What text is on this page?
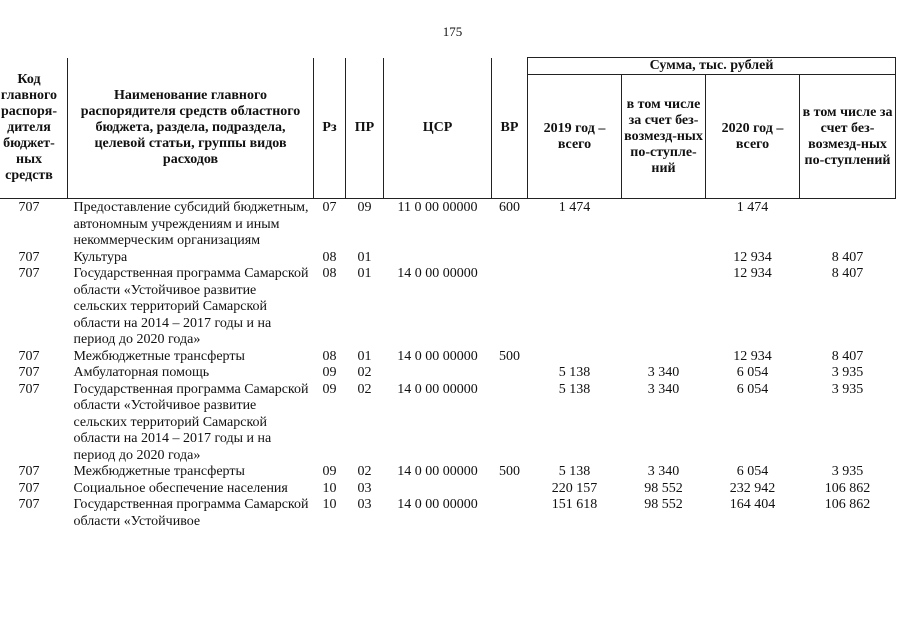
175
Код главного распоря-дителя бюджет-ных средств	Наименование главного распорядителя средств областного бюджета, раздела, подраздела, целевой статьи, группы видов расходов	Рз	ПР	ЦСР	ВР	Сумма, тыс. рублей			
						2019 год – всего	в том числе за счет без-возмезд-ных по-ступле-ний	2020 год – всего	в том числе за счет без-возмезд-ных по-ступлений
707	Предоставление субсидий бюджетным, автономным учреждениям и иным некоммерческим организациям	07	09	11 0 00 00000	600	1 474		1 474	
707	Культура	08	01					12 934	8 407
707	Государственная программа Самарской области «Устойчивое развитие сельских территорий Самарской области на 2014 – 2017 годы и на период до 2020 года»	08	01	14 0 00 00000				12 934	8 407
707	Межбюджетные трансферты	08	01	14 0 00 00000	500			12 934	8 407
707	Амбулаторная помощь	09	02			5 138	3 340	6 054	3 935
707	Государственная программа Самарской области «Устойчивое развитие сельских территорий Самарской области на 2014 – 2017 годы и на период до 2020 года»	09	02	14 0 00 00000		5 138	3 340	6 054	3 935
707	Межбюджетные трансферты	09	02	14 0 00 00000	500	5 138	3 340	6 054	3 935
707	Социальное обеспечение населения	10	03			220 157	98 552	232 942	106 862
707	Государственная программа Самарской области «Устойчивое	10	03	14 0 00 00000		151 618	98 552	164 404	106 862
